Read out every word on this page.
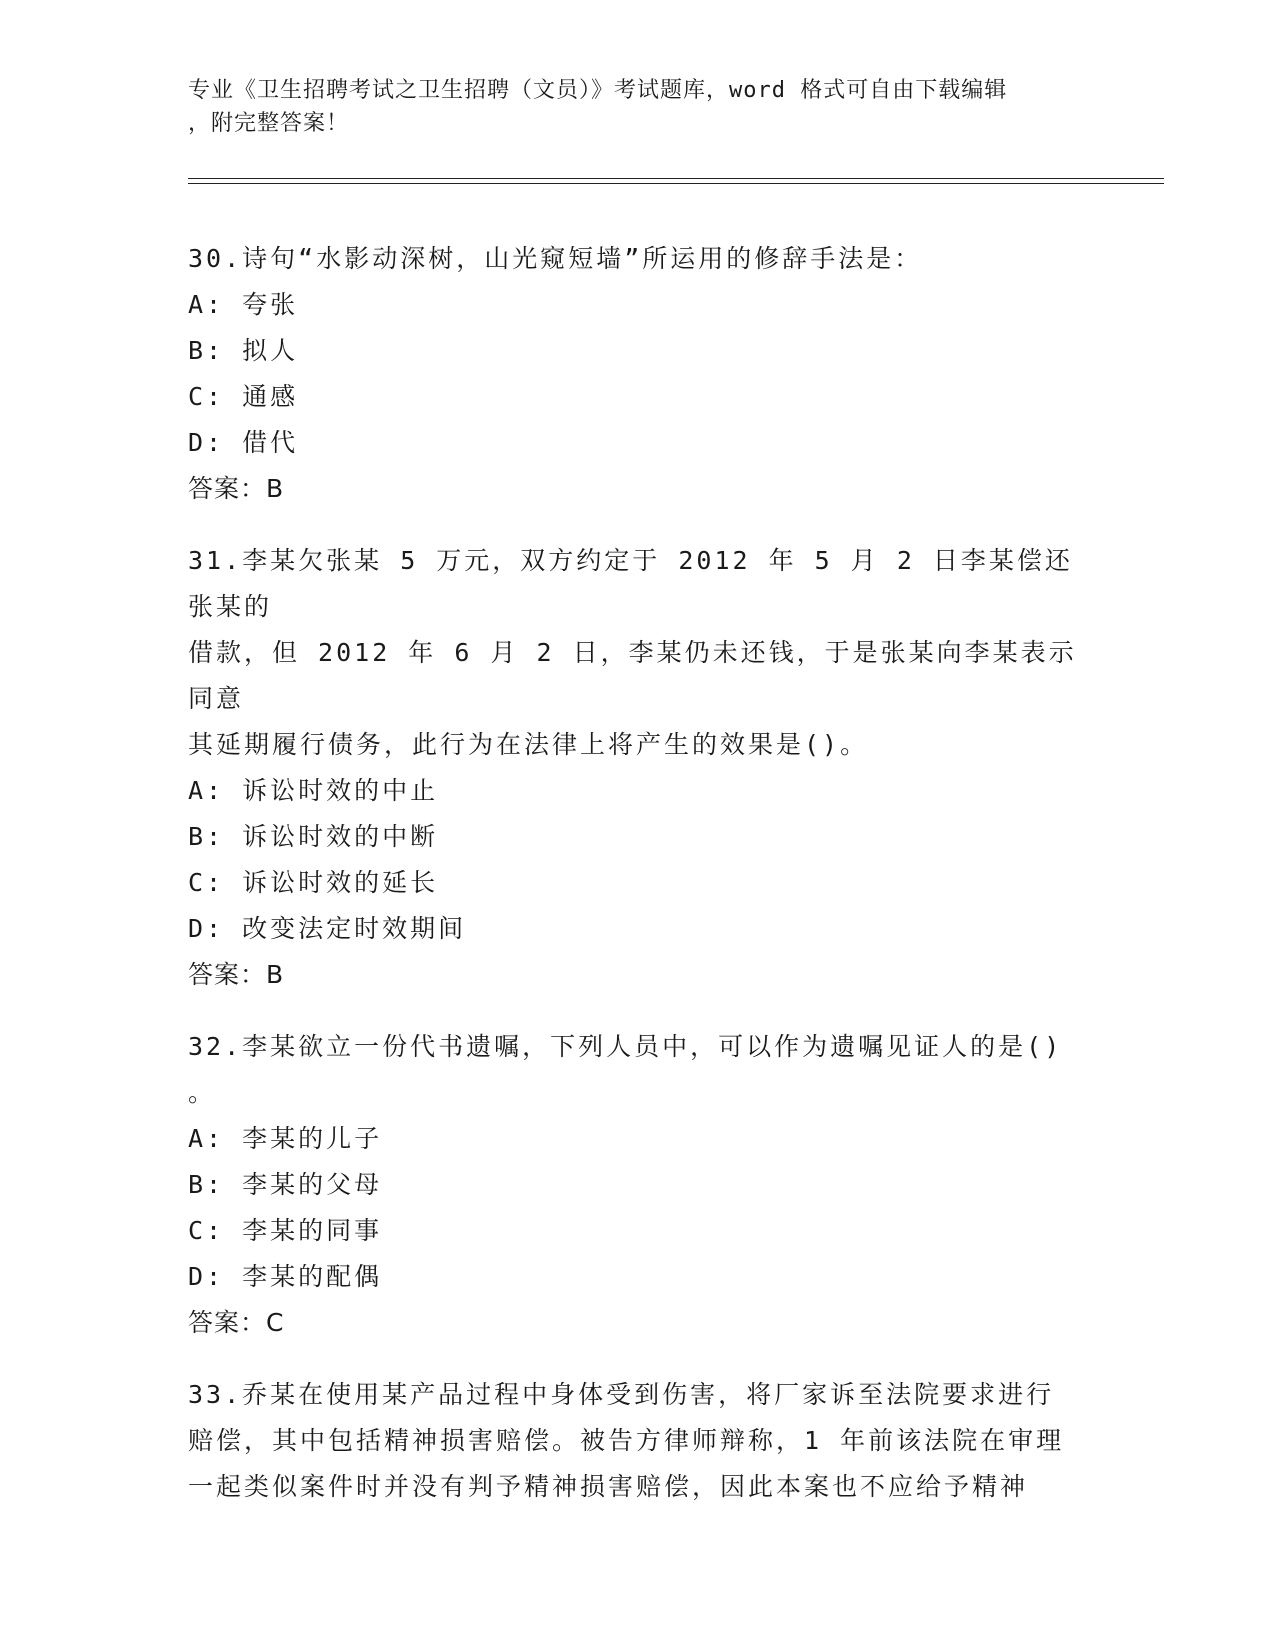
专业《卫生招聘考试之卫生招聘（文员）》考试题库，word 格式可自由下载编辑
，附完整答案！
30.诗句“水影动深树，山光窥短墙”所运用的修辞手法是：
A: 夸张
B: 拟人
C: 通感
D: 借代
答案：B
31.李某欠张某 5 万元，双方约定于 2012 年 5 月 2 日李某偿还张某的
借款，但 2012 年 6 月 2 日，李某仍未还钱，于是张某向李某表示同意
其延期履行债务，此行为在法律上将产生的效果是()。
A: 诉讼时效的中止
B: 诉讼时效的中断
C: 诉讼时效的延长
D: 改变法定时效期间
答案：B
32.李某欲立一份代书遗嘱，下列人员中，可以作为遗嘱见证人的是()
。
A: 李某的儿子
B: 李某的父母
C: 李某的同事
D: 李某的配偶
答案：C
33.乔某在使用某产品过程中身体受到伤害，将厂家诉至法院要求进行
赔偿，其中包括精神损害赔偿。被告方律师辩称，1 年前该法院在审理
一起类似案件时并没有判予精神损害赔偿，因此本案也不应给予精神
